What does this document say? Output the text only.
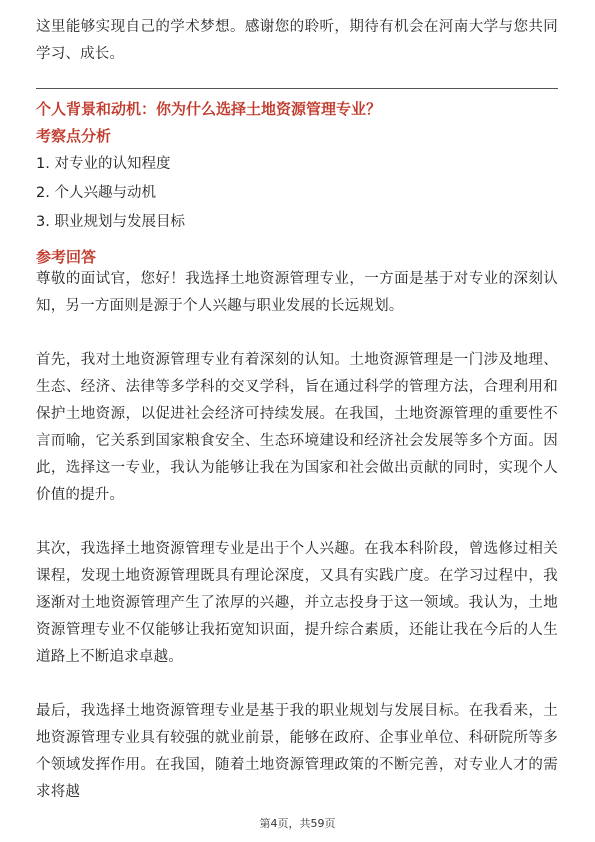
这里能够实现自己的学术梦想。感谢您的聆听，期待有机会在河南大学与您共同学习、成长。

个人背景和动机：你为什么选择土地资源管理专业？
考察点分析
1. 对专业的认知程度
2. 个人兴趣与动机
3. 职业规划与发展目标
参考回答

尊敬的面试官，您好！我选择土地资源管理专业，一方面是基于对专业的深刻认知，另一方面则是源于个人兴趣与职业发展的长远规划。

首先，我对土地资源管理专业有着深刻的认知。土地资源管理是一门涉及地理、生态、经济、法律等多学科的交叉学科，旨在通过科学的管理方法，合理利用和保护土地资源，以促进社会经济可持续发展。在我国，土地资源管理的重要性不言而喻，它关系到国家粮食安全、生态环境建设和经济社会发展等多个方面。因此，选择这一专业，我认为能够让我在为国家和社会做出贡献的同时，实现个人价值的提升。

其次，我选择土地资源管理专业是出于个人兴趣。在我本科阶段，曾选修过相关课程，发现土地资源管理既具有理论深度，又具有实践广度。在学习过程中，我逐渐对土地资源管理产生了浓厚的兴趣，并立志投身于这一领域。我认为，土地资源管理专业不仅能够让我拓宽知识面，提升综合素质，还能让我在今后的人生道路上不断追求卓越。

最后，我选择土地资源管理专业是基于我的职业规划与发展目标。在我看来，土地资源管理专业具有较强的就业前景，能够在政府、企事业单位、科研院所等多个领域发挥作用。在我国，随着土地资源管理政策的不断完善，对专业人才的需求将越

第4页，共59页
